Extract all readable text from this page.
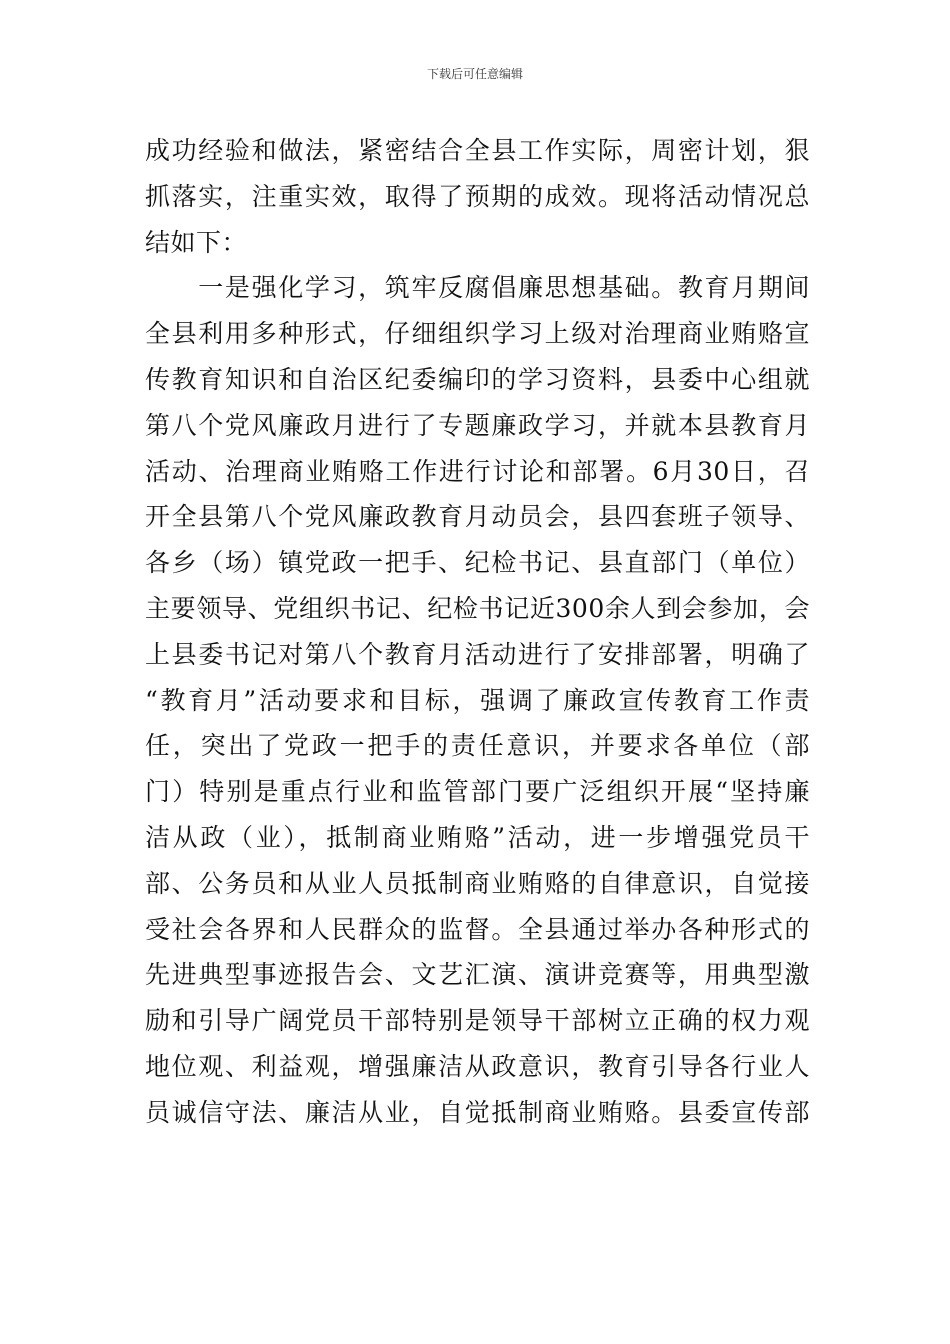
下载后可任意编辑
成功经验和做法，紧密结合全县工作实际，周密计划，狠
抓落实，注重实效，取得了预期的成效。现将活动情况总
结如下：
　　一是强化学习，筑牢反腐倡廉思想基础。教育月期间
全县利用多种形式，仔细组织学习上级对治理商业贿赂宣
传教育知识和自治区纪委编印的学习资料，县委中心组就
第八个党风廉政月进行了专题廉政学习，并就本县教育月
活动、治理商业贿赂工作进行讨论和部署。6月30日，召
开全县第八个党风廉政教育月动员会，县四套班子领导、
各乡（场）镇党政一把手、纪检书记、县直部门（单位）
主要领导、党组织书记、纪检书记近300余人到会参加，会
上县委书记对第八个教育月活动进行了安排部署，明确了
“教育月”活动要求和目标，强调了廉政宣传教育工作责
任，突出了党政一把手的责任意识，并要求各单位（部
门）特别是重点行业和监管部门要广泛组织开展“坚持廉
洁从政（业），抵制商业贿赂”活动，进一步增强党员干
部、公务员和从业人员抵制商业贿赂的自律意识，自觉接
受社会各界和人民群众的监督。全县通过举办各种形式的
先进典型事迹报告会、文艺汇演、演讲竞赛等，用典型激
励和引导广阔党员干部特别是领导干部树立正确的权力观
地位观、利益观，增强廉洁从政意识，教育引导各行业人
员诚信守法、廉洁从业，自觉抵制商业贿赂。县委宣传部
